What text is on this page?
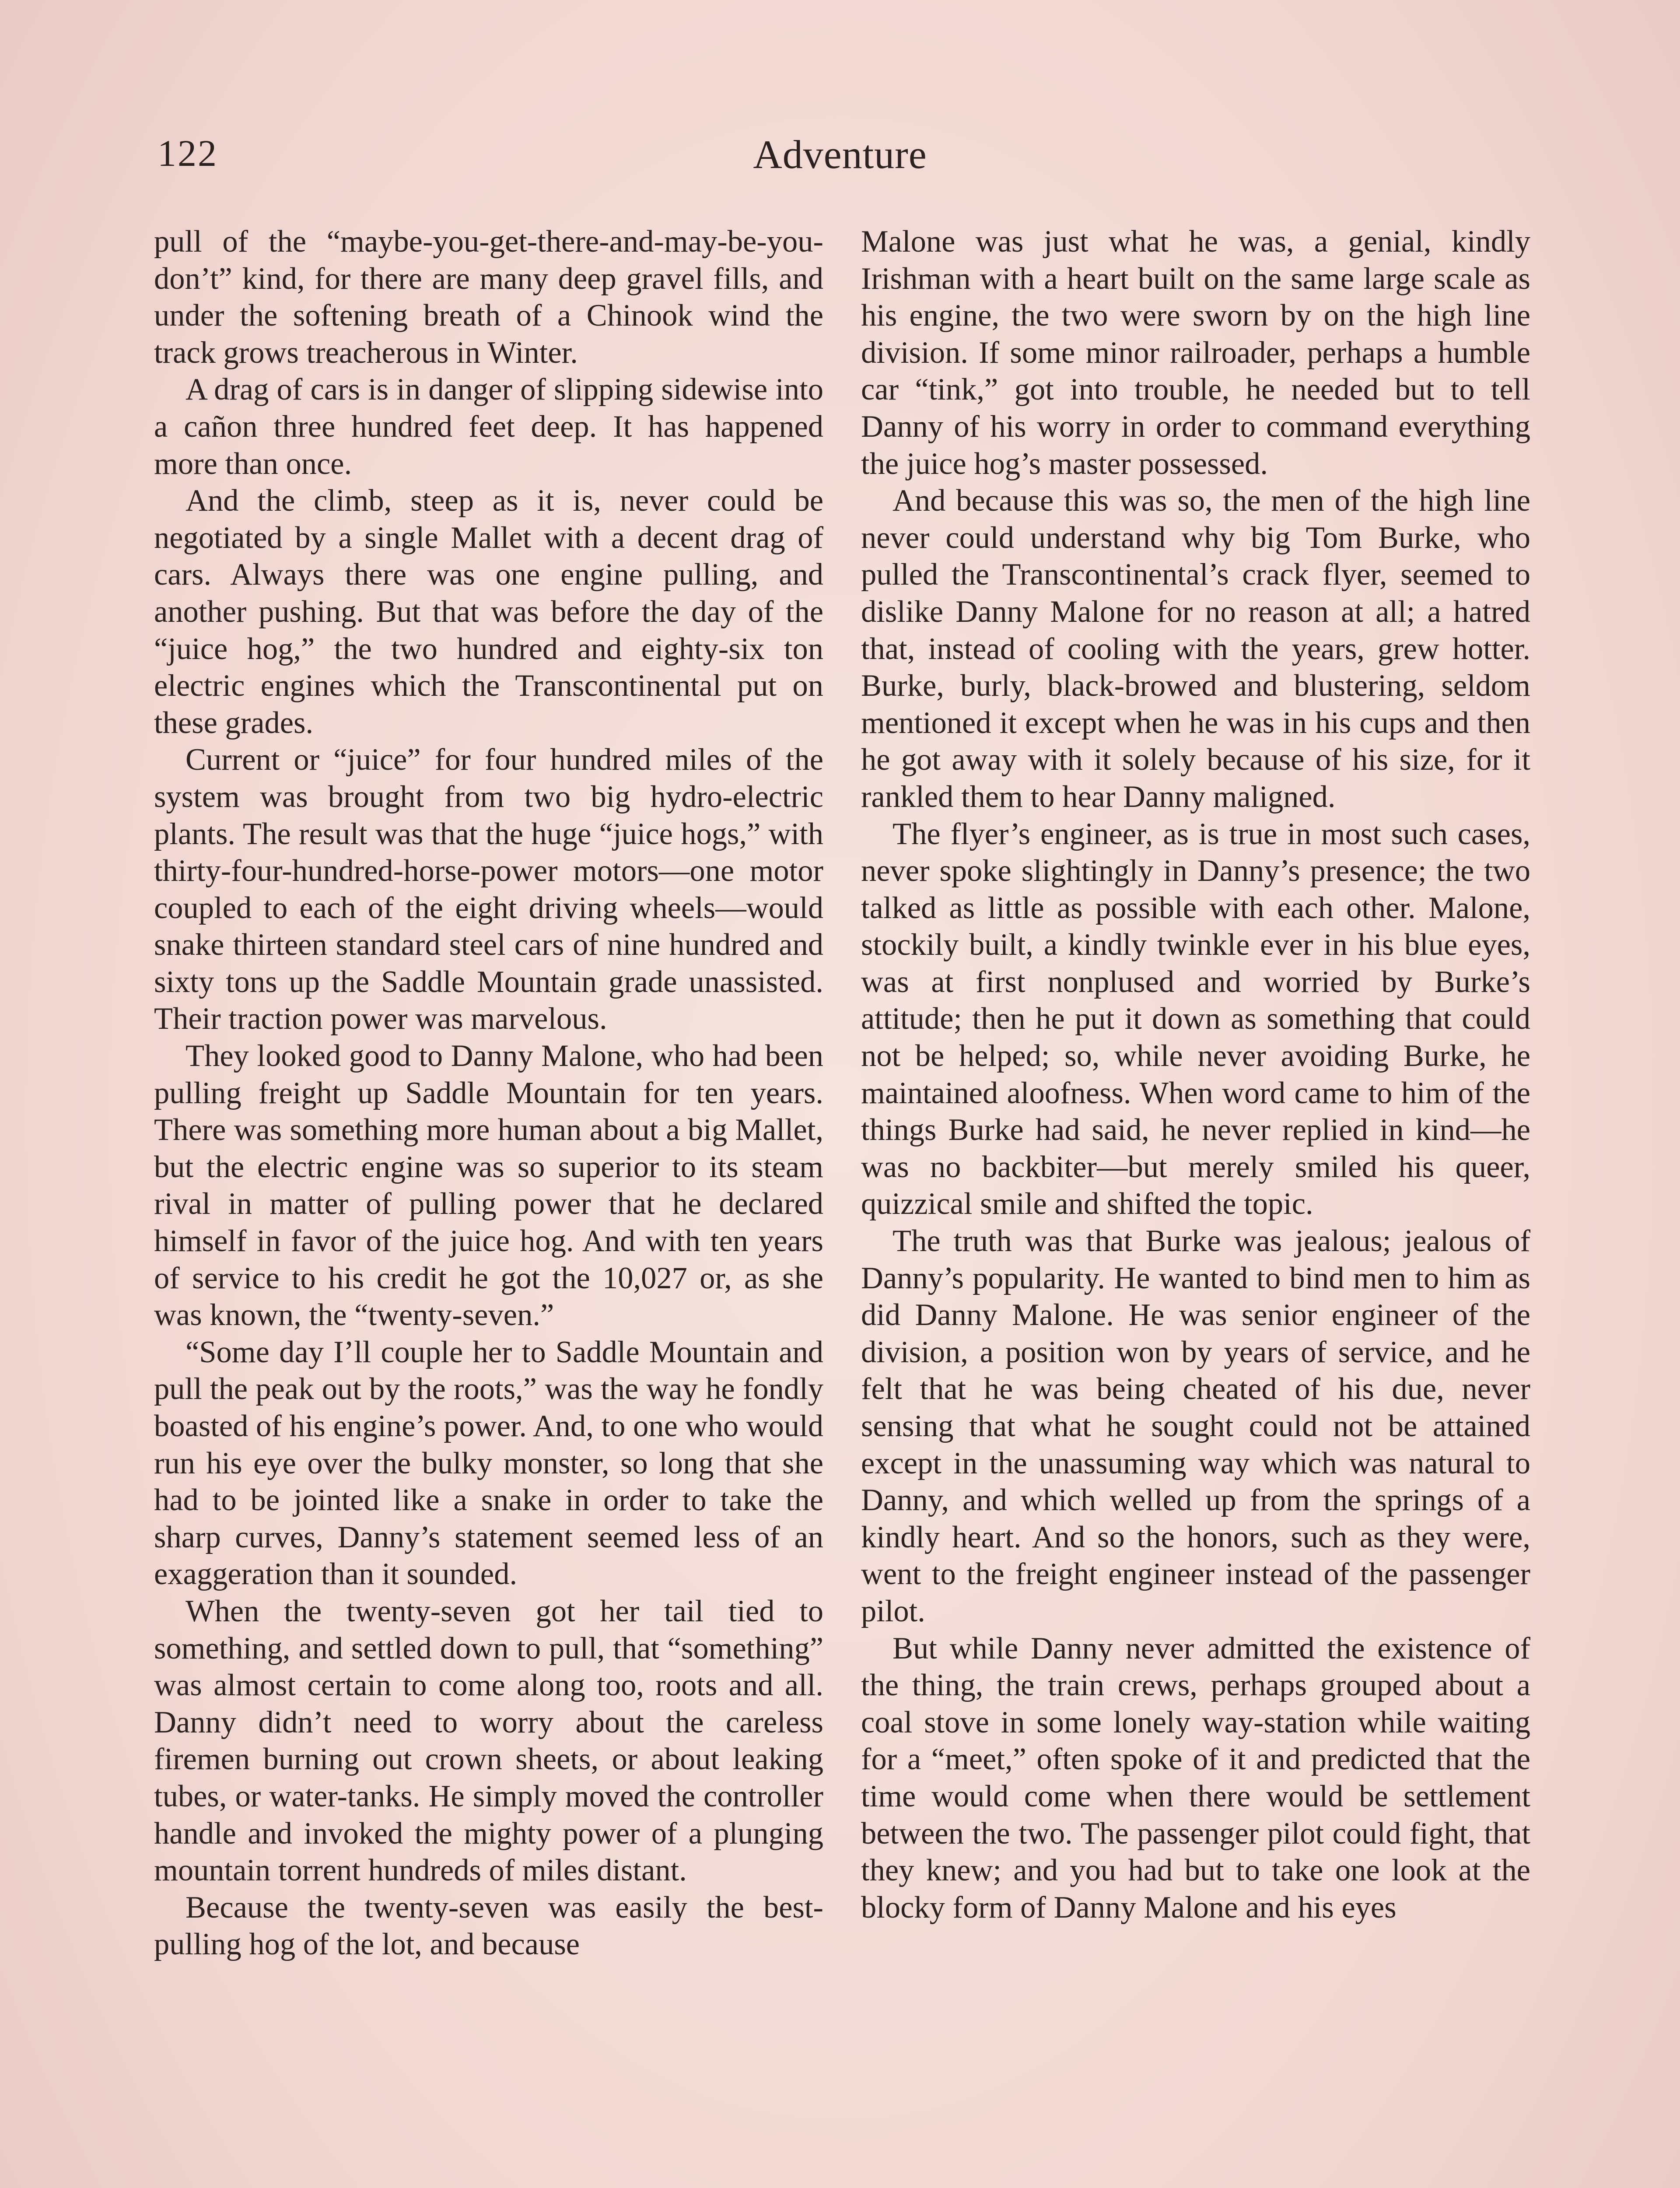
122	Adventure

pull of the “maybe-you-get-there-and-may-be-you-don’t” kind, for there are many deep gravel fills, and under the softening breath of a Chinook wind the track grows treacherous in Winter.

A drag of cars is in danger of slipping sidewise into a cañon three hundred feet deep. It has happened more than once.

And the climb, steep as it is, never could be negotiated by a single Mallet with a decent drag of cars. Always there was one engine pulling, and another pushing. But that was before the day of the “juice hog,” the two hundred and eighty-six ton electric engines which the Transcontinental put on these grades.

Current or “juice” for four hundred miles of the system was brought from two big hydro-electric plants. The result was that the huge “juice hogs,” with thirty-four-hundred-horse-power motors—one motor coupled to each of the eight driving wheels—would snake thirteen standard steel cars of nine hundred and sixty tons up the Saddle Mountain grade unassisted. Their traction power was marvelous.

They looked good to Danny Malone, who had been pulling freight up Saddle Mountain for ten years. There was something more human about a big Mallet, but the electric engine was so superior to its steam rival in matter of pulling power that he declared himself in favor of the juice hog. And with ten years of service to his credit he got the 10,027 or, as she was known, the “twenty-seven.”

“Some day I’ll couple her to Saddle Mountain and pull the peak out by the roots,” was the way he fondly boasted of his engine’s power. And, to one who would run his eye over the bulky monster, so long that she had to be jointed like a snake in order to take the sharp curves, Danny’s statement seemed less of an exaggeration than it sounded.

When the twenty-seven got her tail tied to something, and settled down to pull, that “something” was almost certain to come along too, roots and all. Danny didn’t need to worry about the careless firemen burning out crown sheets, or about leaking tubes, or water-tanks. He simply moved the controller handle and invoked the mighty power of a plunging mountain torrent hundreds of miles distant.

Because the twenty-seven was easily the best-pulling hog of the lot, and because

Malone was just what he was, a genial, kindly Irishman with a heart built on the same large scale as his engine, the two were sworn by on the high line division. If some minor railroader, perhaps a humble car “tink,” got into trouble, he needed but to tell Danny of his worry in order to command everything the juice hog’s master possessed.

And because this was so, the men of the high line never could understand why big Tom Burke, who pulled the Transcontinental’s crack flyer, seemed to dislike Danny Malone for no reason at all; a hatred that, instead of cooling with the years, grew hotter. Burke, burly, black-browed and blustering, seldom mentioned it except when he was in his cups and then he got away with it solely because of his size, for it rankled them to hear Danny maligned.

The flyer’s engineer, as is true in most such cases, never spoke slightingly in Danny’s presence; the two talked as little as possible with each other. Malone, stockily built, a kindly twinkle ever in his blue eyes, was at first nonplused and worried by Burke’s attitude; then he put it down as something that could not be helped; so, while never avoiding Burke, he maintained aloofness. When word came to him of the things Burke had said, he never replied in kind—he was no backbiter—but merely smiled his queer, quizzical smile and shifted the topic.

The truth was that Burke was jealous; jealous of Danny’s popularity. He wanted to bind men to him as did Danny Malone. He was senior engineer of the division, a position won by years of service, and he felt that he was being cheated of his due, never sensing that what he sought could not be attained except in the unassuming way which was natural to Danny, and which welled up from the springs of a kindly heart. And so the honors, such as they were, went to the freight engineer instead of the passenger pilot.

But while Danny never admitted the existence of the thing, the train crews, perhaps grouped about a coal stove in some lonely way-station while waiting for a “meet,” often spoke of it and predicted that the time would come when there would be settlement between the two. The passenger pilot could fight, that they knew; and you had but to take one look at the blocky form of Danny Malone and his eyes
